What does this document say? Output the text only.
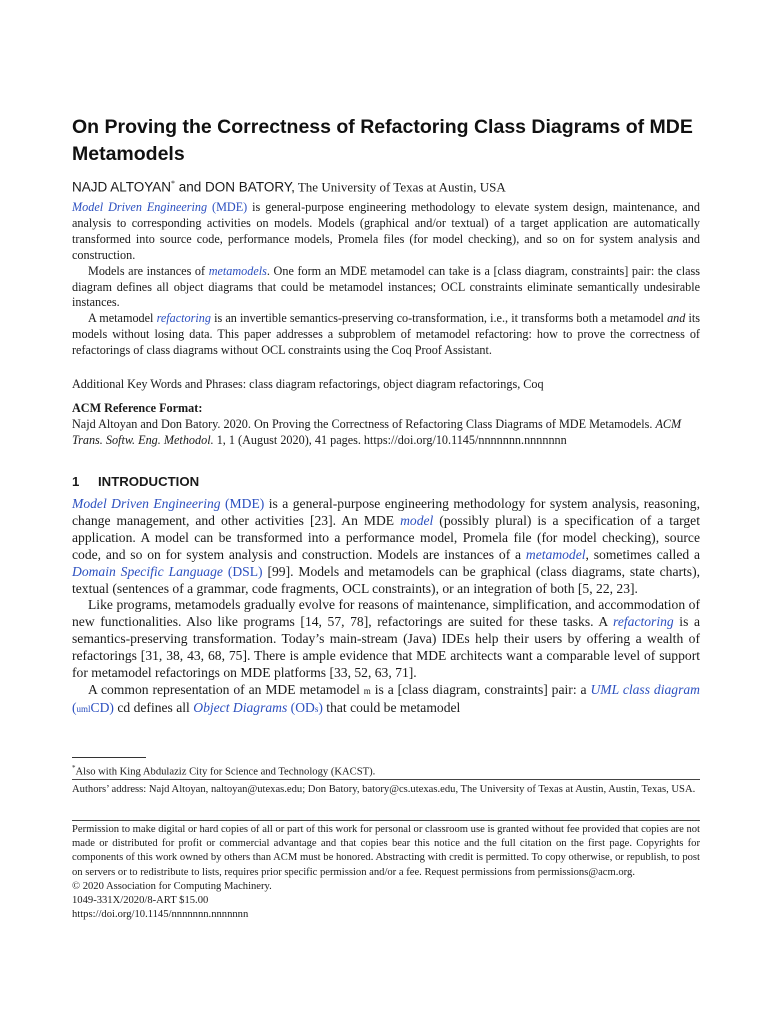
On Proving the Correctness of Refactoring Class Diagrams of MDE Metamodels
NAJD ALTOYAN* and DON BATORY, The University of Texas at Austin, USA

Model Driven Engineering (MDE) is general-purpose engineering methodology to elevate system design, maintenance, and analysis to corresponding activities on models. Models (graphical and/or textual) of a target application are automatically transformed into source code, performance models, Promela files (for model checking), and so on for system analysis and construction.

Models are instances of metamodels. One form an MDE metamodel can take is a [class diagram, constraints] pair: the class diagram defines all object diagrams that could be metamodel instances; OCL constraints eliminate semantically undesirable instances.

A metamodel refactoring is an invertible semantics-preserving co-transformation, i.e., it transforms both a metamodel and its models without losing data. This paper addresses a subproblem of metamodel refactoring: how to prove the correctness of refactorings of class diagrams without OCL constraints using the Coq Proof Assistant.

Additional Key Words and Phrases: class diagram refactorings, object diagram refactorings, Coq
ACM Reference Format:
Najd Altoyan and Don Batory. 2020. On Proving the Correctness of Refactoring Class Diagrams of MDE Metamodels. ACM Trans. Softw. Eng. Methodol. 1, 1 (August 2020), 41 pages. https://doi.org/10.1145/nnnnnnn.nnnnnnn
1 INTRODUCTION

Model Driven Engineering (MDE) is a general-purpose engineering methodology for system analysis, reasoning, change management, and other activities [23]. An MDE model (possibly plural) is a specification of a target application. A model can be transformed into a performance model, Promela file (for model checking), source code, and so on for system analysis and construction. Models are instances of a metamodel, sometimes called a Domain Specific Language (DSL) [99]. Models and metamodels can be graphical (class diagrams, state charts), textual (sentences of a grammar, code fragments, OCL constraints), or an integration of both [5, 22, 23].

Like programs, metamodels gradually evolve for reasons of maintenance, simplification, and accommodation of new functionalities. Also like programs [14, 57, 78], refactorings are suited for these tasks. A refactoring is a semantics-preserving transformation. Today’s main-stream (Java) IDEs help their users by offering a wealth of refactorings [31, 38, 43, 68, 75]. There is ample evidence that MDE architects want a comparable level of support for metamodel refactorings on MDE platforms [33, 52, 63, 71].

A common representation of an MDE metamodel m is a [class diagram, constraints] pair: a UML class diagram (umlCD) cd defines all Object Diagrams (ODs) that could be metamodel

*Also with King Abdulaziz City for Science and Technology (KACST).
Authors’ address: Najd Altoyan, naltoyan@utexas.edu; Don Batory, batory@cs.utexas.edu, The University of Texas at Austin, Austin, Texas, USA.
Permission to make digital or hard copies of all or part of this work for personal or classroom use is granted without fee provided that copies are not made or distributed for profit or commercial advantage and that copies bear this notice and the full citation on the first page. Copyrights for components of this work owned by others than ACM must be honored. Abstracting with credit is permitted. To copy otherwise, or republish, to post on servers or to redistribute to lists, requires prior specific permission and/or a fee. Request permissions from permissions@acm.org.
© 2020 Association for Computing Machinery.
1049-331X/2020/8-ART $15.00
https://doi.org/10.1145/nnnnnnn.nnnnnnn
